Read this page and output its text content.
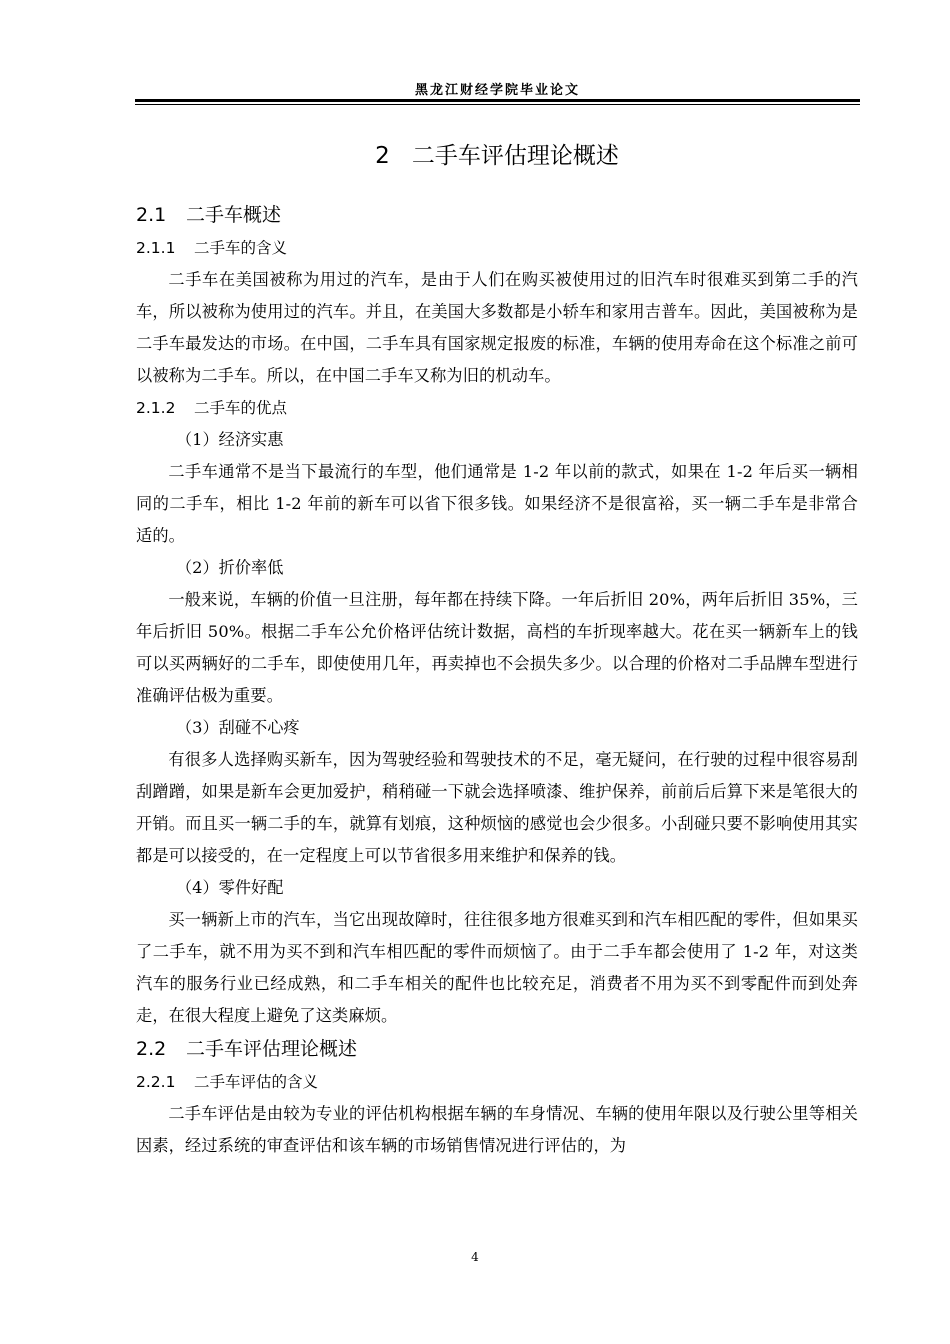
黑龙江财经学院毕业论文
2 二手车评估理论概述
2.1 二手车概述
2.1.1 二手车的含义

二手车在美国被称为用过的汽车，是由于人们在购买被使用过的旧汽车时很难买到第二手的汽车，所以被称为使用过的汽车。并且，在美国大多数都是小轿车和家用吉普车。因此，美国被称为是二手车最发达的市场。在中国，二手车具有国家规定报废的标准，车辆的使用寿命在这个标准之前可以被称为二手车。所以，在中国二手车又称为旧的机动车。

2.1.2 二手车的优点

（1）经济实惠

二手车通常不是当下最流行的车型，他们通常是 1-2 年以前的款式，如果在 1-2 年后买一辆相同的二手车，相比 1-2 年前的新车可以省下很多钱。如果经济不是很富裕，买一辆二手车是非常合适的。

（2）折价率低

一般来说，车辆的价值一旦注册，每年都在持续下降。一年后折旧 20%，两年后折旧 35%，三年后折旧 50%。根据二手车公允价格评估统计数据，高档的车折现率越大。花在买一辆新车上的钱可以买两辆好的二手车，即使使用几年，再卖掉也不会损失多少。以合理的价格对二手品牌车型进行准确评估极为重要。

（3）刮碰不心疼

有很多人选择购买新车，因为驾驶经验和驾驶技术的不足，毫无疑问，在行驶的过程中很容易刮刮蹭蹭，如果是新车会更加爱护，稍稍碰一下就会选择喷漆、维护保养，前前后后算下来是笔很大的开销。而且买一辆二手的车，就算有划痕，这种烦恼的感觉也会少很多。小刮碰只要不影响使用其实都是可以接受的，在一定程度上可以节省很多用来维护和保养的钱。

（4）零件好配

买一辆新上市的汽车，当它出现故障时，往往很多地方很难买到和汽车相匹配的零件，但如果买了二手车，就不用为买不到和汽车相匹配的零件而烦恼了。由于二手车都会使用了 1-2 年，对这类汽车的服务行业已经成熟，和二手车相关的配件也比较充足，消费者不用为买不到零配件而到处奔走，在很大程度上避免了这类麻烦。

2.2 二手车评估理论概述
2.2.1 二手车评估的含义

二手车评估是由较为专业的评估机构根据车辆的车身情况、车辆的使用年限以及行驶公里等相关因素，经过系统的审查评估和该车辆的市场销售情况进行评估的，为

4
